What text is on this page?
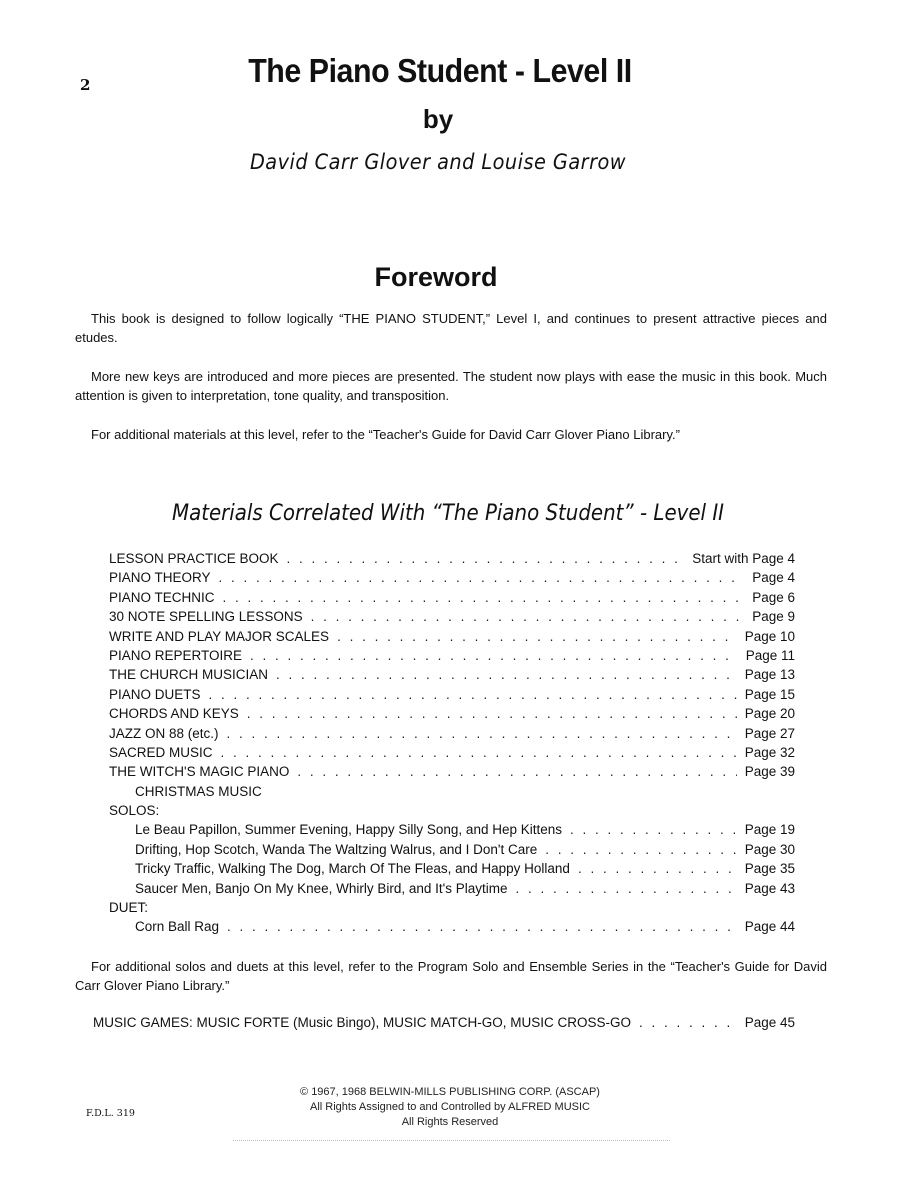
2	The Piano Student - Level II
by
David Carr Glover and Louise Garrow
Foreword
This book is designed to follow logically “THE PIANO STUDENT,” Level I, and continues to present attractive pieces and etudes.
More new keys are introduced and more pieces are presented. The student now plays with ease the music in this book. Much attention is given to interpretation, tone quality, and transposition.
For additional materials at this level, refer to the “Teacher's Guide for David Carr Glover Piano Library.”
Materials Correlated With “The Piano Student” - Level II
LESSON PRACTICE BOOK . . .	Start with Page 4
PIANO THEORY . . .	Page 4
PIANO TECHNIC . . .	Page 6
30 NOTE SPELLING LESSONS . . .	Page 9
WRITE AND PLAY MAJOR SCALES . . .	Page 10
PIANO REPERTOIRE . . .	Page 11
THE CHURCH MUSICIAN . . .	Page 13
PIANO DUETS . . .	Page 15
CHORDS AND KEYS . . .	Page 20
JAZZ ON 88 (etc.) . . .	Page 27
SACRED MUSIC . . .	Page 32
THE WITCH'S MAGIC PIANO . . .	Page 39
CHRISTMAS MUSIC
SOLOS:
Le Beau Papillon, Summer Evening, Happy Silly Song, and Hep Kittens . . .	Page 19
Drifting, Hop Scotch, Wanda The Waltzing Walrus, and I Don't Care . . .	Page 30
Tricky Traffic, Walking The Dog, March Of The Fleas, and Happy Holland . . .	Page 35
Saucer Men, Banjo On My Knee, Whirly Bird, and It's Playtime . . .	Page 43
DUET:
Corn Ball Rag . . .	Page 44
For additional solos and duets at this level, refer to the Program Solo and Ensemble Series in the “Teacher's Guide for David Carr Glover Piano Library.”
MUSIC GAMES: MUSIC FORTE (Music Bingo), MUSIC MATCH-GO, MUSIC CROSS-GO . . .	Page 45
© 1967, 1968 BELWIN-MILLS PUBLISHING CORP. (ASCAP)
All Rights Assigned to and Controlled by ALFRED MUSIC
All Rights Reserved
F.D.L. 319
